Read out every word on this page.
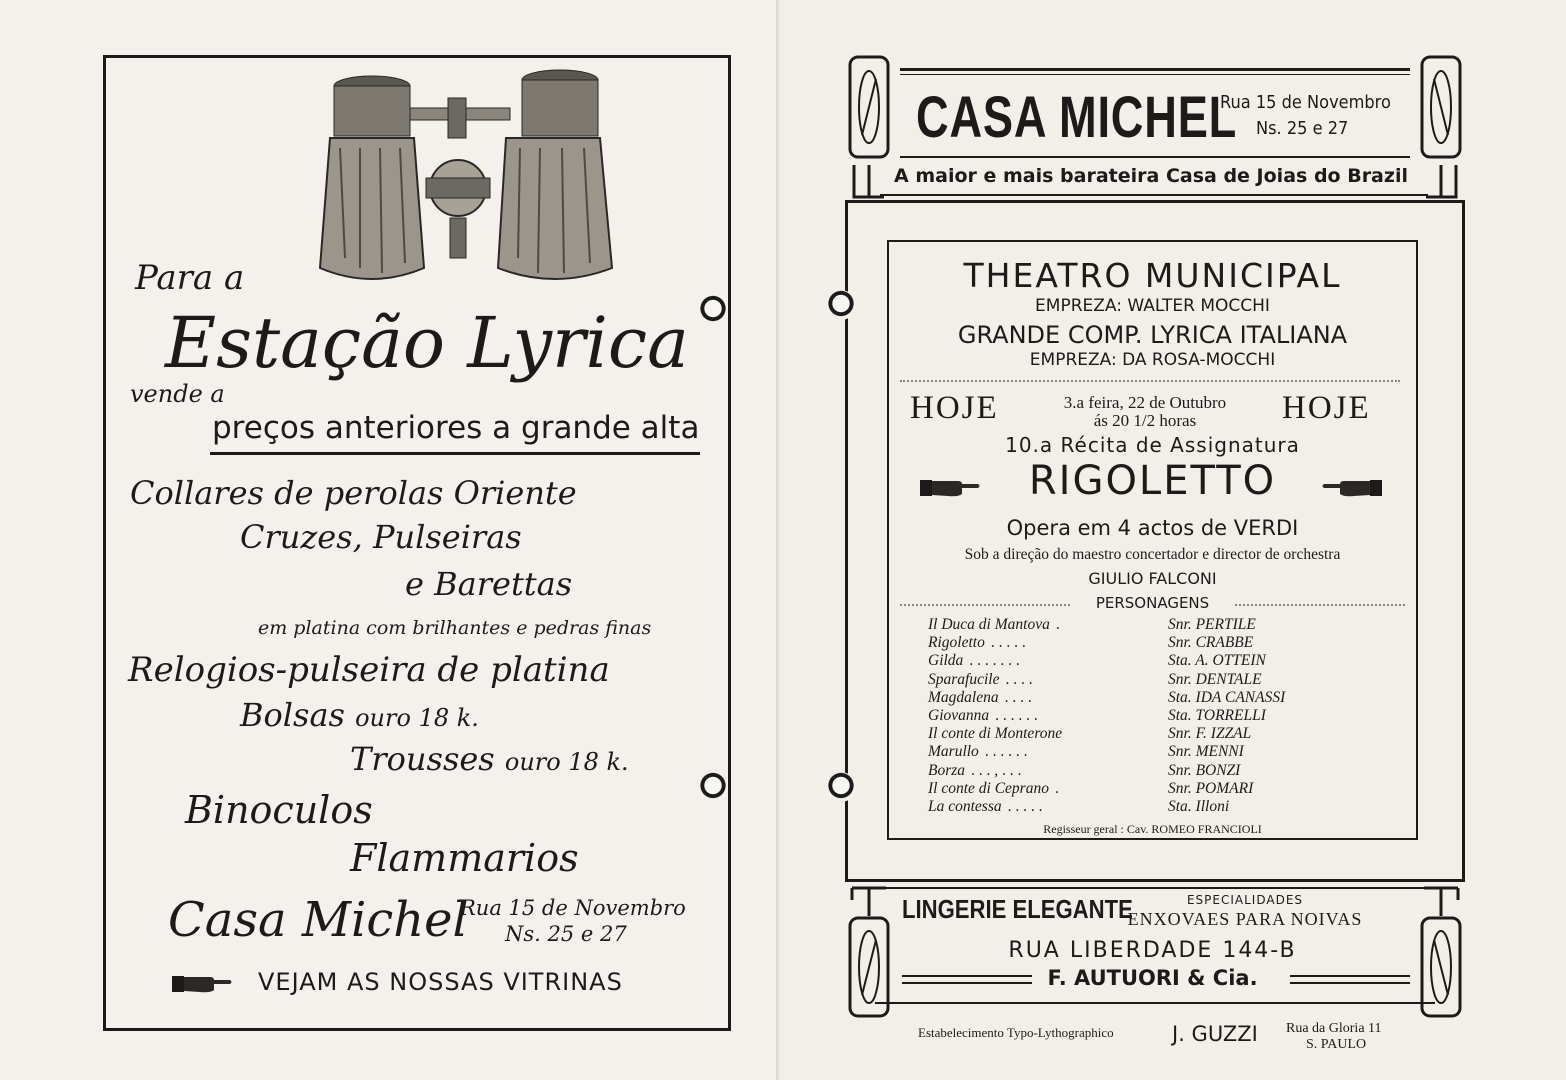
Para a
Estação Lyrica
vende a
preços anteriores a grande alta
Collares de perolas Oriente
Cruzes, Pulseiras
e Barettas
em platina com brilhantes e pedras finas
Relogios-pulseira de platina
Bolsas ouro 18 k.
Trousses ouro 18 k.
Binoculos
Flammarios
Casa Michel
Rua 15 de Novembro
Ns. 25 e 27
VEJAM AS NOSSAS VITRINAS
CASA MICHEL
Rua 15 de Novembro
Ns. 25 e 27
A maior e mais barateira Casa de Joias do Brazil
THEATRO MUNICIPAL
EMPREZA: WALTER MOCCHI
GRANDE COMP. LYRICA ITALIANA
EMPREZA: DA ROSA-MOCCHI
HOJE	3.a feira, 22 de Outubro
ás 20 1/2 horas	HOJE
10.a Récita de Assignatura
RIGOLETTO
Opera em 4 actos de VERDI
Sob a direção do maestro concertador e director de orchestra
GIULIO FALCONI
PERSONAGENS
Il Duca di Mantova .	Snr. PERTILE
Rigoletto . . . . .	Snr. CRABBE
Gilda . . . . . . .	Sta. A. OTTEIN
Sparafucile . . . .	Snr. DENTALE
Magdalena . . . .	Sta. IDA CANASSI
Giovanna . . . . . .	Sta. TORRELLI
Il conte di Monterone	Snr. F. IZZAL
Marullo . . . . . .	Snr. MENNI
Borza . . . , . . .	Snr. BONZI
Il conte di Ceprano .	Snr. POMARI
La contessa . . . . .	Sta. Illoni
Regisseur geral : Cav. ROMEO FRANCIOLI
LINGERIE ELEGANTE	ESPECIALIDADES
ENXOVAES PARA NOIVAS
RUA LIBERDADE 144-B
F. AUTUORI & Cia.
Estabelecimento Typo-Lythographico	J. GUZZI Rua da Gloria 11
S. PAULO
